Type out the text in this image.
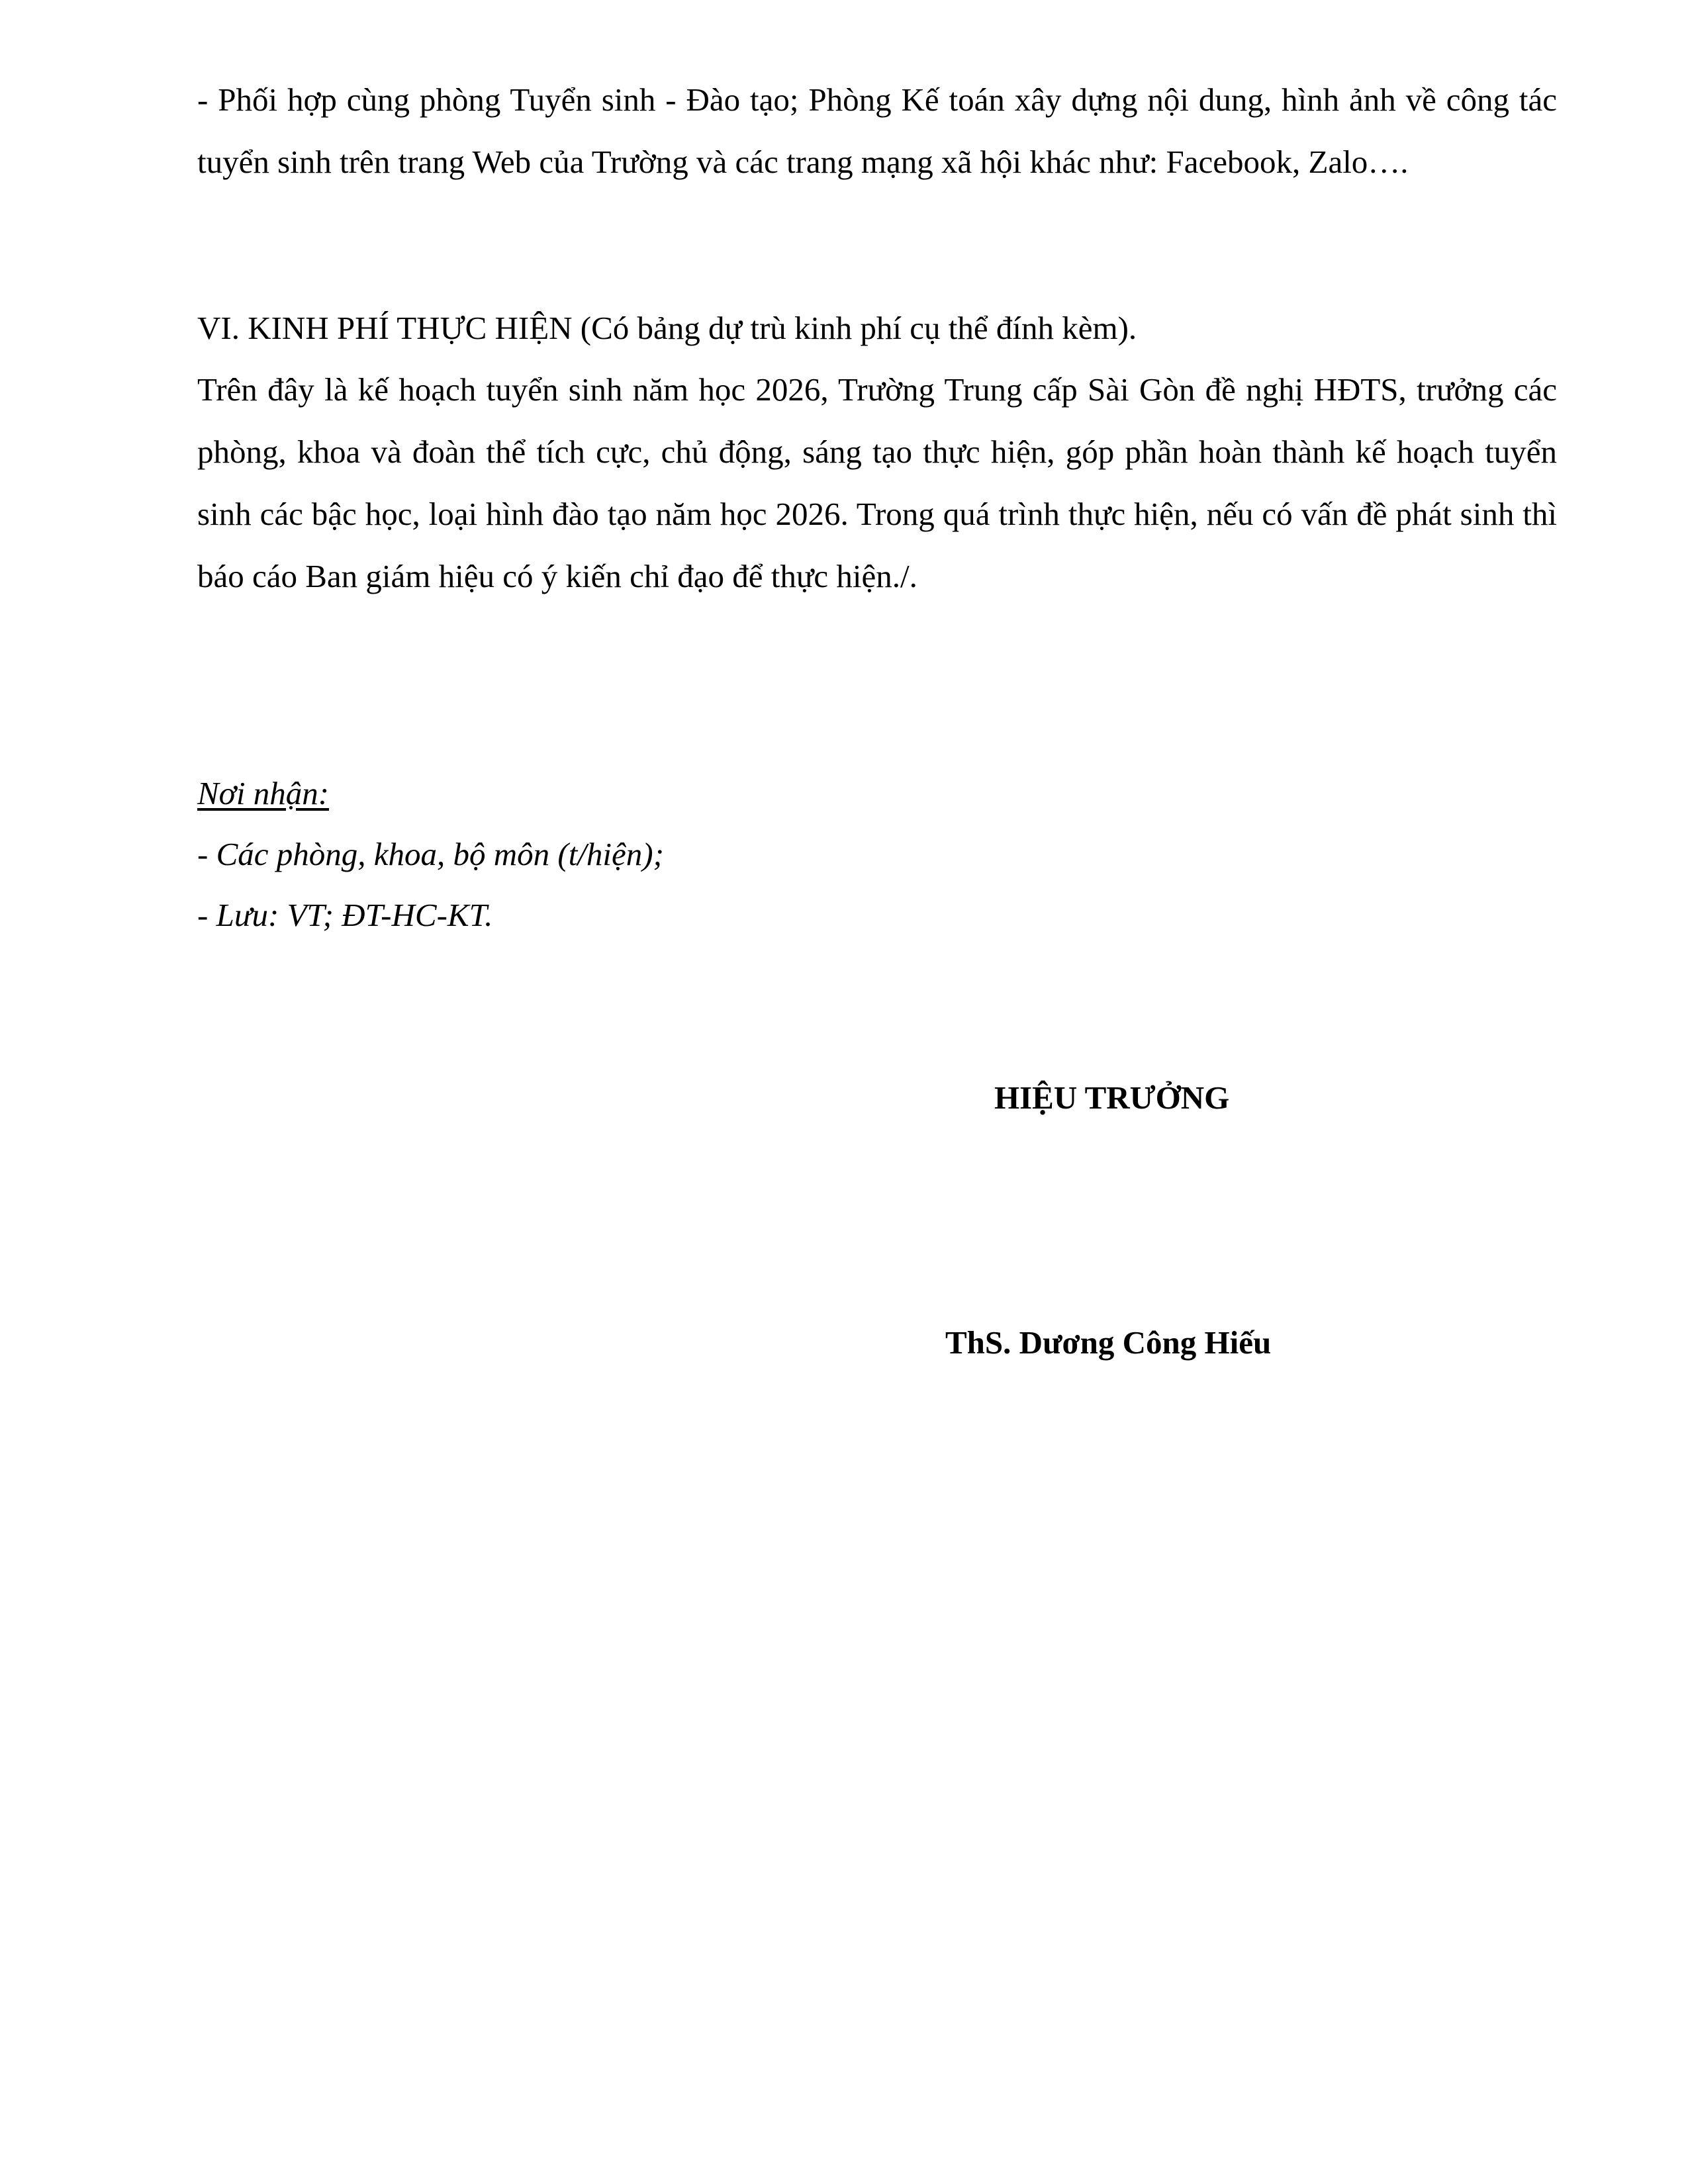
- Phối hợp cùng phòng Tuyển sinh - Đào tạo; Phòng Kế toán xây dựng nội dung, hình ảnh về công tác tuyển sinh trên trang Web của Trường và các trang mạng xã hội khác như: Facebook, Zalo….
VI. KINH PHÍ THỰC HIỆN (Có bảng dự trù kinh phí cụ thể đính kèm).
Trên đây là kế hoạch tuyển sinh năm học 2026, Trường Trung cấp Sài Gòn đề nghị HĐTS, trưởng các phòng, khoa và đoàn thể tích cực, chủ động, sáng tạo thực hiện, góp phần hoàn thành kế hoạch tuyển sinh các bậc học, loại hình đào tạo năm học 2026. Trong quá trình thực hiện, nếu có vấn đề phát sinh thì báo cáo Ban giám hiệu có ý kiến chỉ đạo để thực hiện./.
Nơi nhận:
- Các phòng, khoa, bộ môn (t/hiện);
- Lưu: VT; ĐT-HC-KT.
HIỆU TRƯỞNG
ThS. Dương Công Hiếu
